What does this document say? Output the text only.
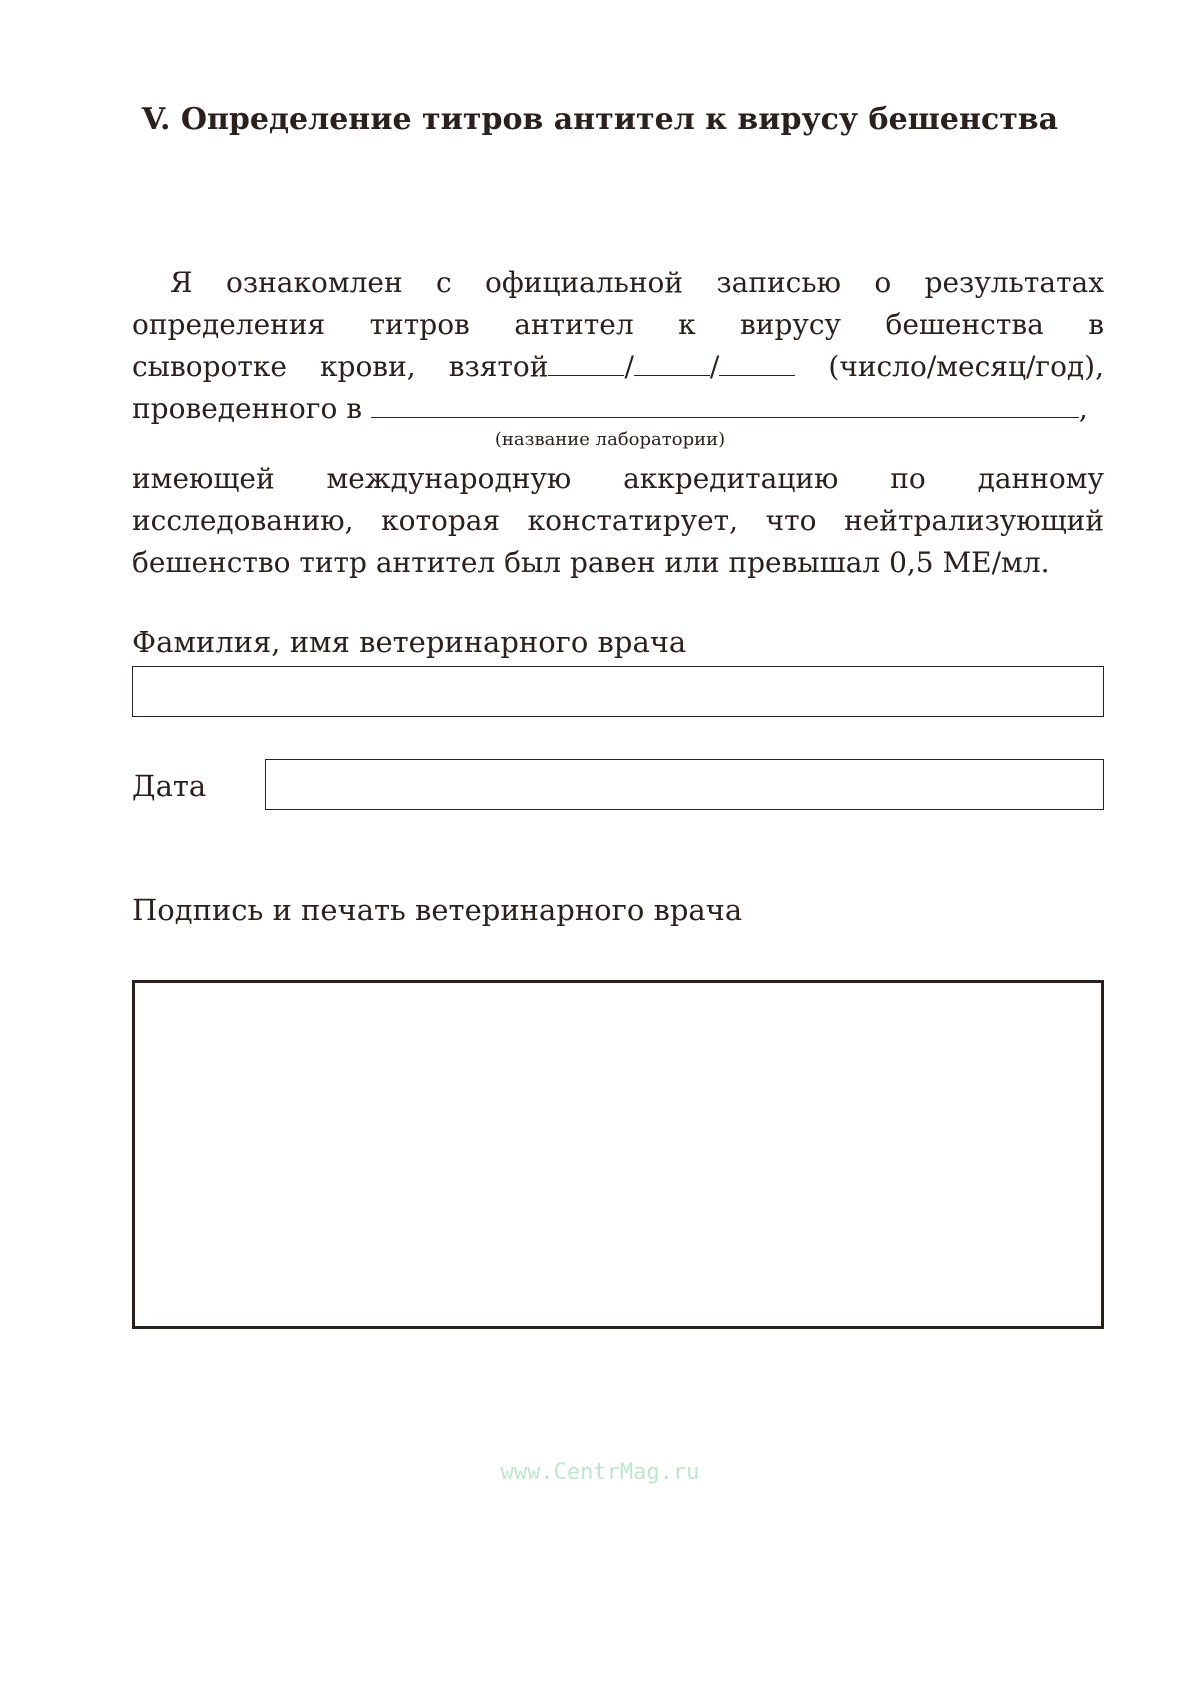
V. Определение титров антител к вирусу бешенства
Я ознакомлен с официальной записью о результатах
определения титров антител к вирусу бешенства в
сыворотке крови, взятой	/	/	(число/месяц/год),
проведенного в	,
(название лаборатории)
имеющей международную аккредитацию по данному
исследованию, которая констатирует, что нейтрализующий
бешенство титр антител был равен или превышал 0,5 МЕ/мл.
Фамилия, имя ветеринарного врача
Дата
Подпись и печать ветеринарного врача
www.CentrMag.ru
